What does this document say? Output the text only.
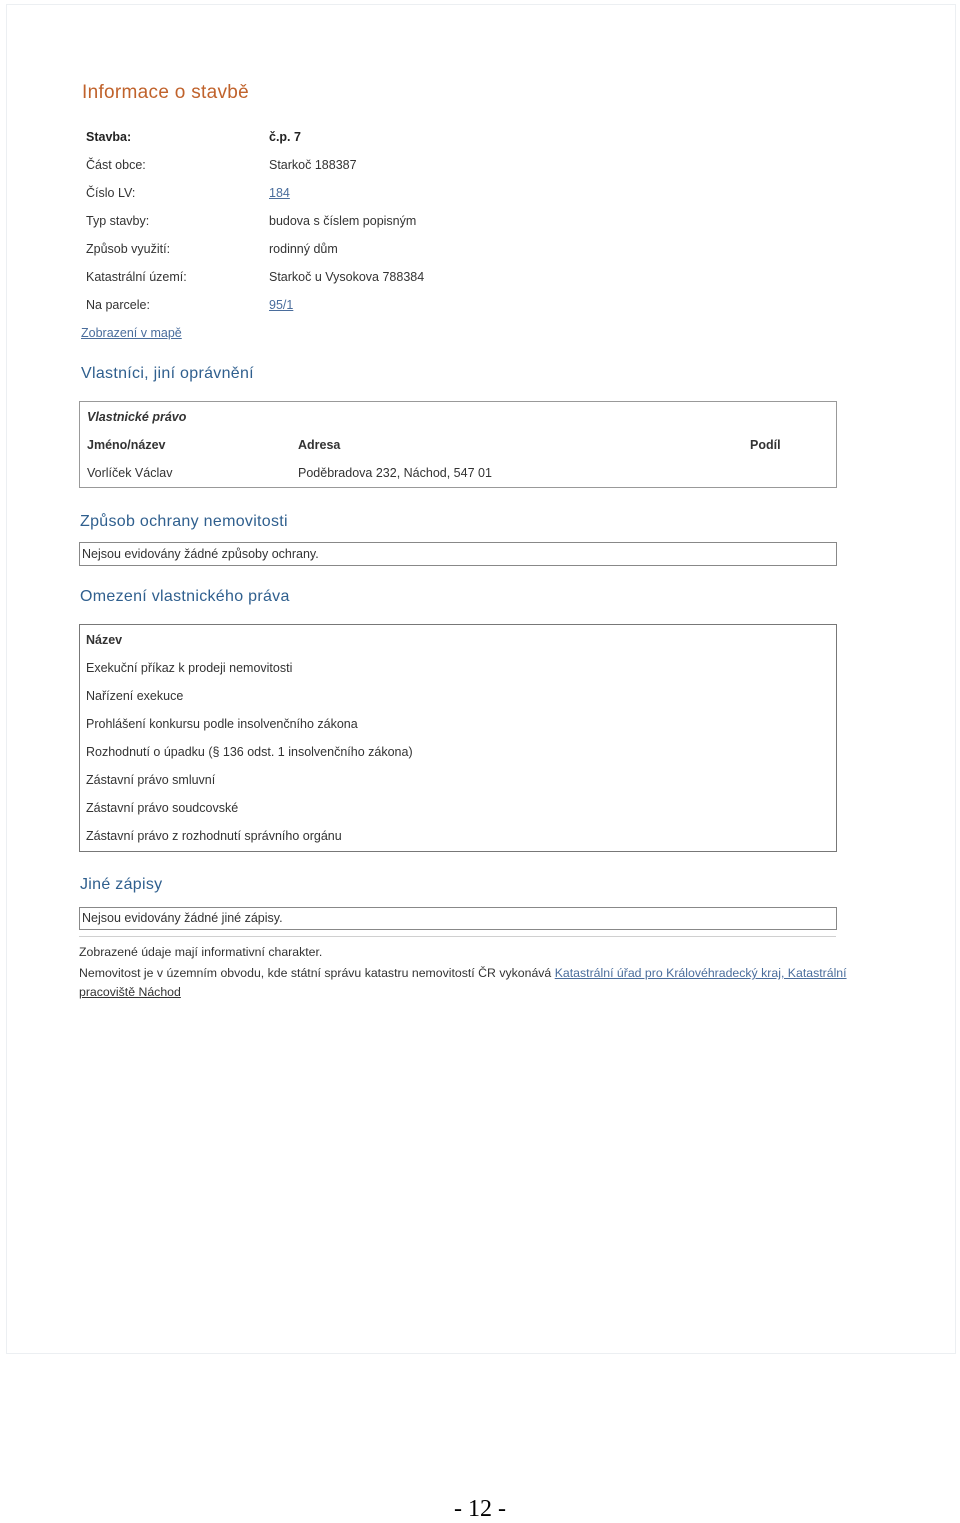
Informace o stavbě
Stavba:	č.p. 7
Část obce:	Starkoč 188387
Číslo LV:	184
Typ stavby:	budova s číslem popisným
Způsob využití:	rodinný dům
Katastrální území:	Starkoč u Vysokova 788384
Na parcele:	95/1
Zobrazení v mapě
Vlastníci, jiní oprávnění
Vlastnické právo
Jméno/název	Adresa	Podíl
Vorlíček Václav	Poděbradova 232, Náchod, 547 01
Způsob ochrany nemovitosti
Nejsou evidovány žádné způsoby ochrany.
Omezení vlastnického práva
Název
Exekuční příkaz k prodeji nemovitosti
Nařízení exekuce
Prohlášení konkursu podle insolvenčního zákona
Rozhodnutí o úpadku (§ 136 odst. 1 insolvenčního zákona)
Zástavní právo smluvní
Zástavní právo soudcovské
Zástavní právo z rozhodnutí správního orgánu
Jiné zápisy
Nejsou evidovány žádné jiné zápisy.
Zobrazené údaje mají informativní charakter.
Nemovitost je v územním obvodu, kde státní správu katastru nemovitostí ČR vykonává Katastrální úřad pro Královéhradecký kraj, Katastrální
pracoviště Náchod
- 12 -
